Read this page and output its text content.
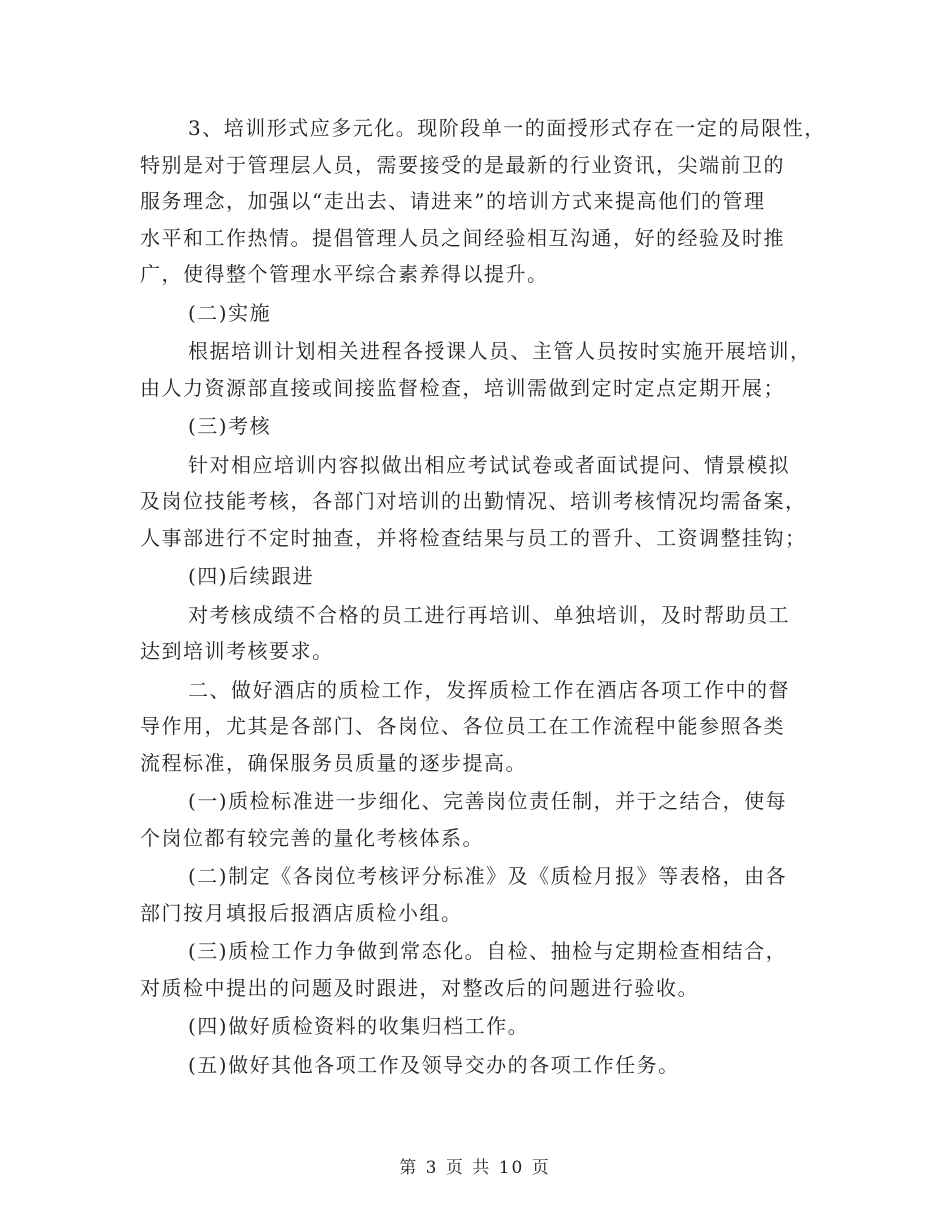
3、培训形式应多元化。现阶段单一的面授形式存在一定的局限性，
特别是对于管理层人员，需要接受的是最新的行业资讯，尖端前卫的
服务理念，加强以“走出去、请进来”的培训方式来提高他们的管理
水平和工作热情。提倡管理人员之间经验相互沟通，好的经验及时推
广，使得整个管理水平综合素养得以提升。

(二)实施

根据培训计划相关进程各授课人员、主管人员按时实施开展培训，
由人力资源部直接或间接监督检查，培训需做到定时定点定期开展；

(三)考核

针对相应培训内容拟做出相应考试试卷或者面试提问、情景模拟
及岗位技能考核，各部门对培训的出勤情况、培训考核情况均需备案，
人事部进行不定时抽查，并将检查结果与员工的晋升、工资调整挂钩；

(四)后续跟进

对考核成绩不合格的员工进行再培训、单独培训，及时帮助员工
达到培训考核要求。

二、做好酒店的质检工作，发挥质检工作在酒店各项工作中的督
导作用，尤其是各部门、各岗位、各位员工在工作流程中能参照各类
流程标准，确保服务员质量的逐步提高。

(一)质检标准进一步细化、完善岗位责任制，并于之结合，使每
个岗位都有较完善的量化考核体系。

(二)制定《各岗位考核评分标准》及《质检月报》等表格，由各
部门按月填报后报酒店质检小组。

(三)质检工作力争做到常态化。自检、抽检与定期检查相结合，
对质检中提出的问题及时跟进，对整改后的问题进行验收。

(四)做好质检资料的收集归档工作。

(五)做好其他各项工作及领导交办的各项工作任务。

第 3 页 共 10 页
